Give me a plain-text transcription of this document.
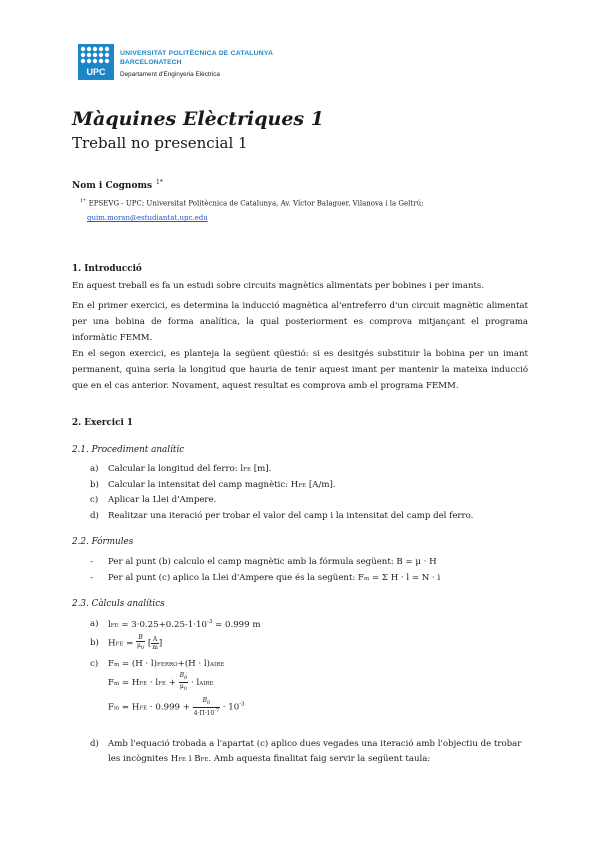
UPC
UNIVERSITAT POLITÈCNICA DE CATALUNYA
BARCELONATECH
Departament d'Enginyeria Elèctrica
Màquines Elèctriques 1
Treball no presencial 1
Nom i Cognoms $^{1*}$
$^{1*}$ EPSEVG - UPC; Universitat Politècnica de Catalunya, Av. Víctor Balaguer, Vilanova i la Geltrú;
quim.moran@estudiantat.upc.edu
1. Introducció
En aquest treball es fa un estudi sobre circuits magnètics alimentats per bobines i per imants.
En el primer exercici, es determina la inducció magnètica al'entreferro d'un circuit magnètic alimentat per una bobina de forma analítica, la qual posteriorment es comprova mitjançant el programa informàtic FEMM.
En el segon exercici, es planteja la següent qüestió: si es desitgés substituir la bobina per un imant permanent, quina seria la longitud que hauria de tenir aquest imant per mantenir la mateixa inducció que en el cas anterior. Novament, aquest resultat es comprova amb el programa FEMM.
2. Exercici 1
2.1. Procediment analític
a) Calcular la longitud del ferro: lFE [m].
b) Calcular la intensitat del camp magnètic: HFE [A/m].
c) Aplicar la Llei d'Ampere.
d) Realitzar una iteració per trobar el valor del camp i la intensitat del camp del ferro.
2.2. Fórmules
- Per al punt (b) calculo el camp magnètic amb la fórmula següent: B = μ · H
- Per al punt (c) aplico la Llei d'Ampere que és la següent: Fm = Σ H · l = N · i
2.3. Càlculs analítics
a) lFE = $3\cdot 0.25+0.25-1\cdot 10^{-3} = 0.999$ m
b) HFE = $\frac{B}{\mu_0}$ [ $\frac{A}{m}$ ]
c) Fm = (H · l)FERRO+(H · l)AIRE
Fm = HFE · lFE + $\frac{B_0}{\mu_0}$ · lAIRE
Fm = HFE · $0.999 + \frac{B_0}{4\cdot\Pi\cdot 10^{-7}} \cdot 10^{-3}$
d) Amb l'equació trobada a l'apartat (c) aplico dues vegades una iteració amb l'objectiu de trobar
les incògnites HFE i BFE. Amb aquesta finalitat faig servir la següent taula:
